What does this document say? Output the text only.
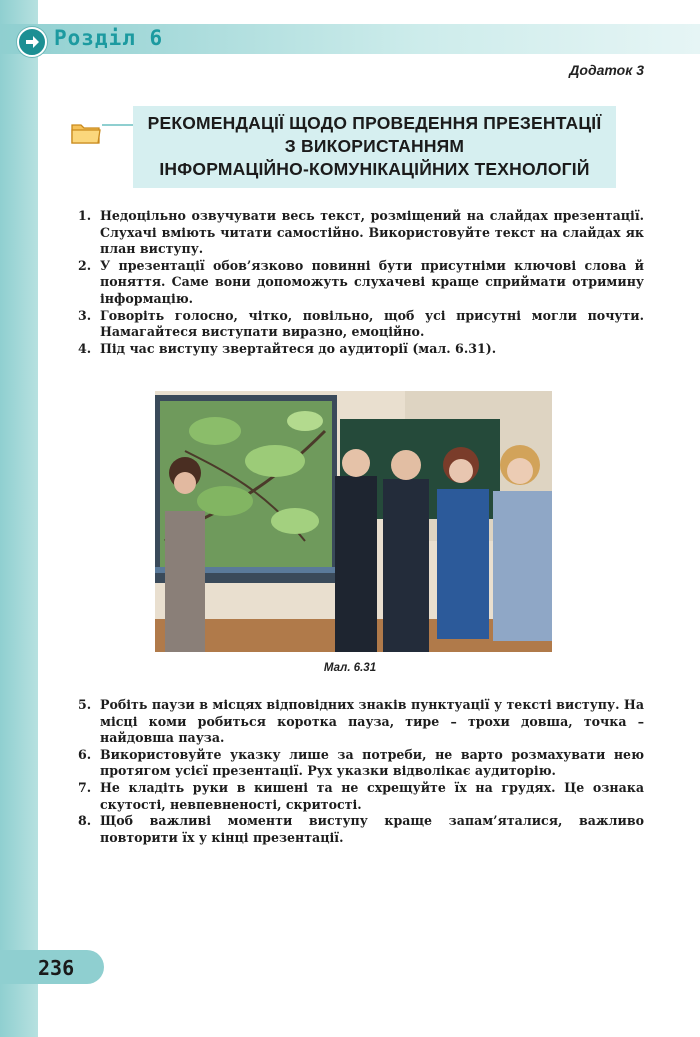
Розділ 6
Додаток 3
РЕКОМЕНДАЦІЇ ЩОДО ПРОВЕДЕННЯ ПРЕЗЕНТАЦІЇ
З ВИКОРИСТАННЯМ
ІНФОРМАЦІЙНО-КОМУНІКАЦІЙНИХ ТЕХНОЛОГІЙ
1. Недоцільно озвучувати весь текст, розміщений на слайдах презентації. Слухачі вміють читати самостійно. Використовуйте текст на слайдах як план виступу.
2. У презентації обов’язково повинні бути присутніми ключові слова й поняття. Саме вони допоможуть слухачеві краще сприймати отримину інформацію.
3. Говоріть голосно, чітко, повільно, щоб усі присутні могли почути. Намагайтеся виступати виразно, емоційно.
4. Під час виступу звертайтеся до аудиторії (мал. 6.31).
Мал. 6.31
5. Робіть паузи в місцях відповідних знаків пунктуації у тексті виступу. На місці коми робиться коротка пауза, тире – трохи довша, точка – найдовша пауза.
6. Використовуйте указку лише за потреби, не варто розмахувати нею протягом усієї презентації. Рух указки відволікає аудиторію.
7. Не кладіть руки в кишені та не схрещуйте їх на грудях. Це ознака скутості, невпевненості, скритості.
8. Щоб важливі моменти виступу краще запам’яталися, важливо повторити їх у кінці презентації.
236
